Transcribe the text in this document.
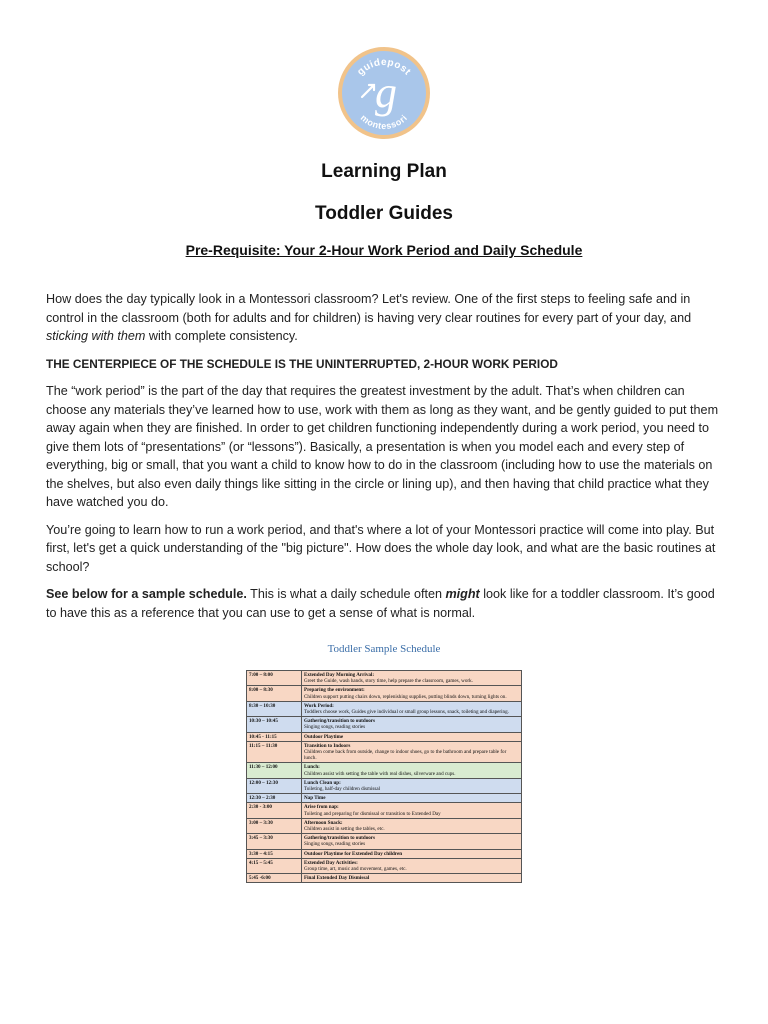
guidepost
montessori
g
Learning Plan
Toddler Guides
Pre-Requisite: Your 2-Hour Work Period and Daily Schedule

How does the day typically look in a Montessori classroom? Let's review. One of the first steps to feeling safe and in control in the classroom (both for adults and for children) is having very clear routines for every part of your day, and sticking with them with complete consistency.

THE CENTERPIECE OF THE SCHEDULE IS THE UNINTERRUPTED, 2-HOUR WORK PERIOD

The “work period” is the part of the day that requires the greatest investment by the adult. That’s when children can choose any materials they’ve learned how to use, work with them as long as they want, and be gently guided to put them away again when they are finished. In order to get children functioning independently during a work period, you need to give them lots of “presentations” (or “lessons”). Basically, a presentation is when you model each and every step of everything, big or small, that you want a child to know how to do in the classroom (including how to use the materials on the shelves, but also even daily things like sitting in the circle or lining up), and then having that child practice what they have watched you do.

You’re going to learn how to run a work period, and that's where a lot of your Montessori practice will come into play. But first, let's get a quick understanding of the "big picture". How does the whole day look, and what are the basic routines at school?

See below for a sample schedule. This is what a daily schedule often might look like for a toddler classroom. It’s good to have this as a reference that you can use to get a sense of what is normal.

Toddler Sample Schedule
7:00 – 8:00	Extended Day Morning Arrival:
Greet the Guide, wash hands, story time, help prepare the classroom, games, work.
8:00 – 8:30	Preparing the environment:
Children support putting chairs down, replenishing supplies, putting blinds down, turning lights on.
8:30 – 10:30	Work Period:
Toddlers choose work, Guides give individual or small group lessons, snack, toileting and diapering.
10:30 – 10:45	Gathering/transition to outdoors
Singing songs, reading stories
10:45 - 11:15	Outdoor Playtime

11:15 – 11:30	Transition to Indoors
Children come back from outside, change to indoor shoes, go to the bathroom and prepare table for lunch.
11:30 – 12:00	Lunch:
Children assist with setting the table with real dishes, silverware and cups.
12:00 – 12:30	Lunch Clean up:
Toileting, half-day children dismissal
12:30 – 2:30	Nap Time

2:30 - 3:00	Arise from nap:
Toileting and preparing for dismissal or transition to Extended Day
3:00 – 3:30	Afternoon Snack:
Children assist in setting the tables, etc.
3:45 – 3:30	Gathering/transition to outdoors
Singing songs, reading stories
3:30 – 4:15	Outdoor Playtime for Extended Day children

4:15 – 5:45	Extended Day Activities:
Group time, art, music and movement, games, etc.
5:45 -6:00	Final Extended Day Dismissal
